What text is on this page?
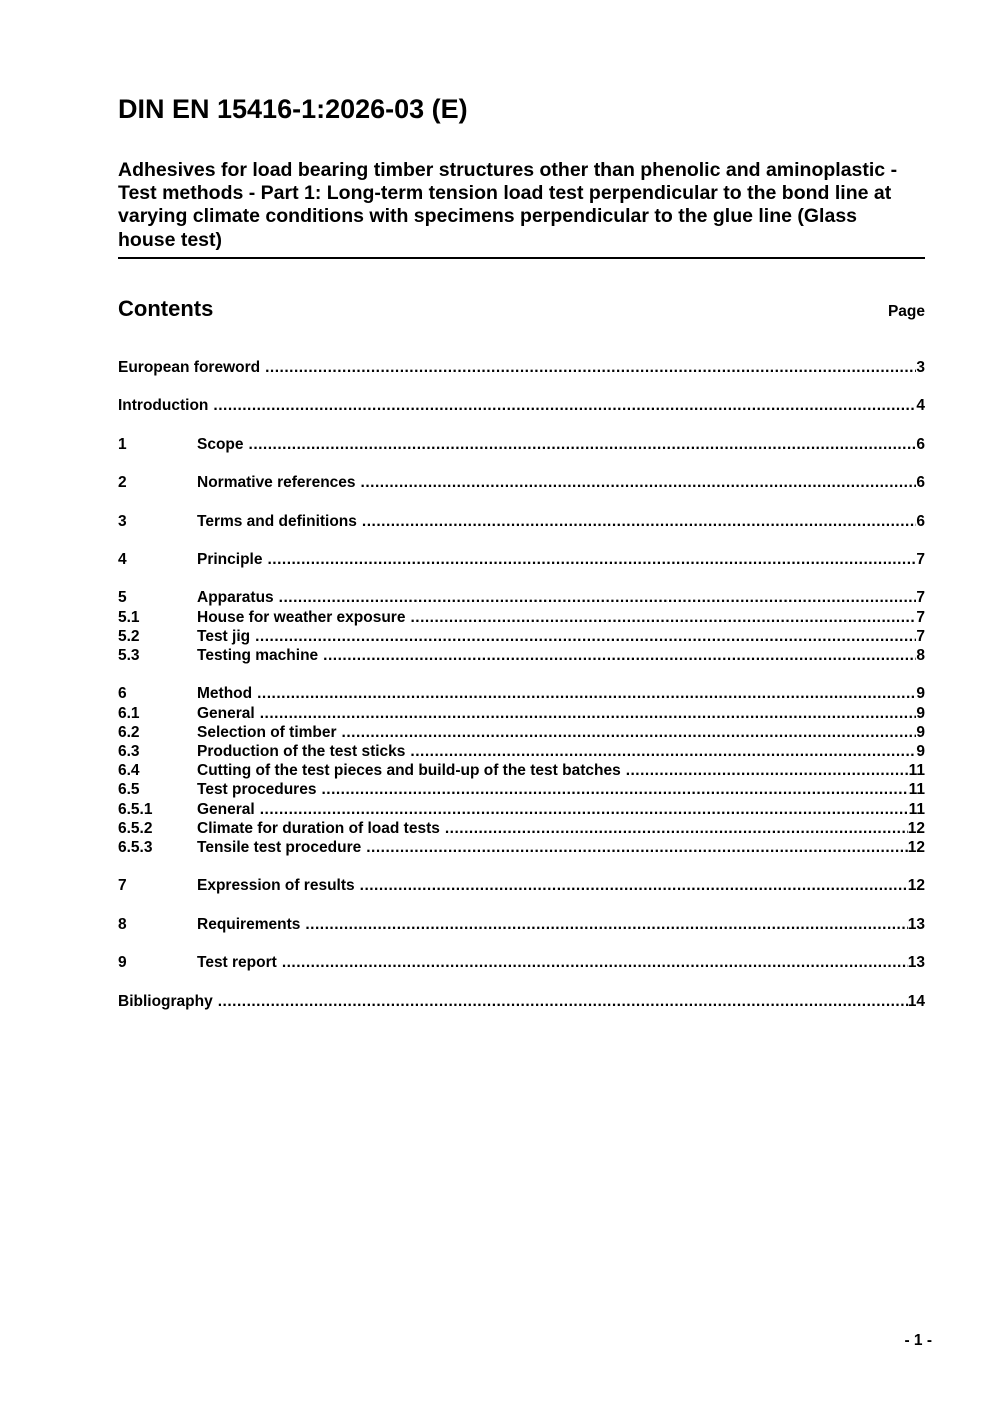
DIN EN 15416-1:2026-03 (E)

Adhesives for load bearing timber structures other than phenolic and aminoplastic - Test methods - Part 1: Long-term tension load test perpendicular to the bond line at varying climate conditions with specimens perpendicular to the glue line (Glass house test)

Contents	Page
European foreword .....	3
Introduction .....	4
1	Scope .....	6
2	Normative references .....	6
3	Terms and definitions .....	6
4	Principle .....	7
5	Apparatus .....	7
5.1	House for weather exposure .....	7
5.2	Test jig .....	7
5.3	Testing machine .....	8
6	Method .....	9
6.1	General .....	9
6.2	Selection of timber .....	9
6.3	Production of the test sticks .....	9
6.4	Cutting of the test pieces and build-up of the test batches .....	11
6.5	Test procedures .....	11
6.5.1	General .....	11
6.5.2	Climate for duration of load tests .....	12
6.5.3	Tensile test procedure .....	12
7	Expression of results .....	12
8	Requirements .....	13
9	Test report .....	13
Bibliography .....	14
- 1 -
